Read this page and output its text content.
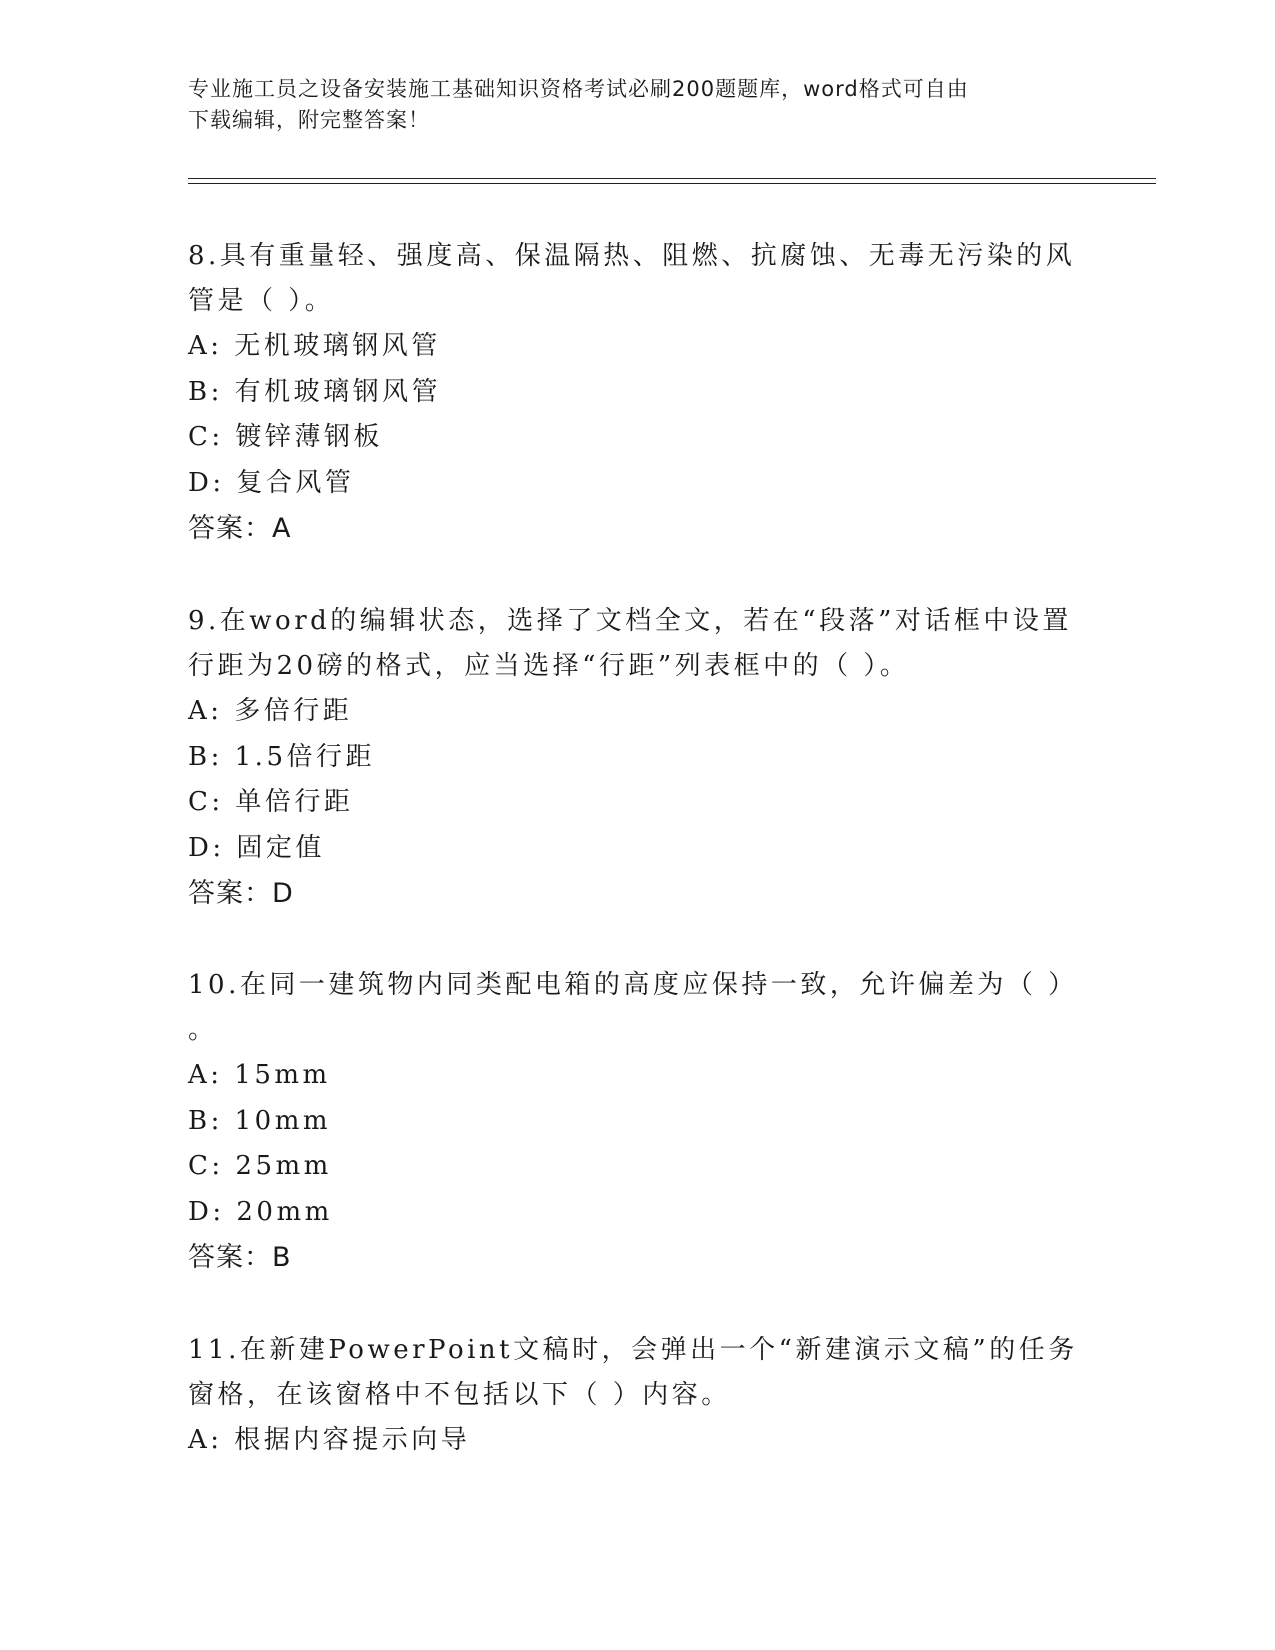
专业施工员之设备安装施工基础知识资格考试必刷200题题库，word格式可自由
下载编辑，附完整答案！

8.具有重量轻、强度高、保温隔热、阻燃、抗腐蚀、无毒无污染的风

管是（ ）。

A: 无机玻璃钢风管

B: 有机玻璃钢风管

C: 镀锌薄钢板

D: 复合风管

答案：A

9.在word的编辑状态，选择了文档全文，若在“段落”对话框中设置

行距为20磅的格式，应当选择“行距”列表框中的（ ）。

A: 多倍行距

B: 1.5倍行距

C: 单倍行距

D: 固定值

答案：D

10.在同一建筑物内同类配电箱的高度应保持一致，允许偏差为（ ）

。

A: 15mm

B: 10mm

C: 25mm

D: 20mm

答案：B

11.在新建PowerPoint文稿时，会弹出一个“新建演示文稿”的任务

窗格，在该窗格中不包括以下（ ）内容。

A: 根据内容提示向导
